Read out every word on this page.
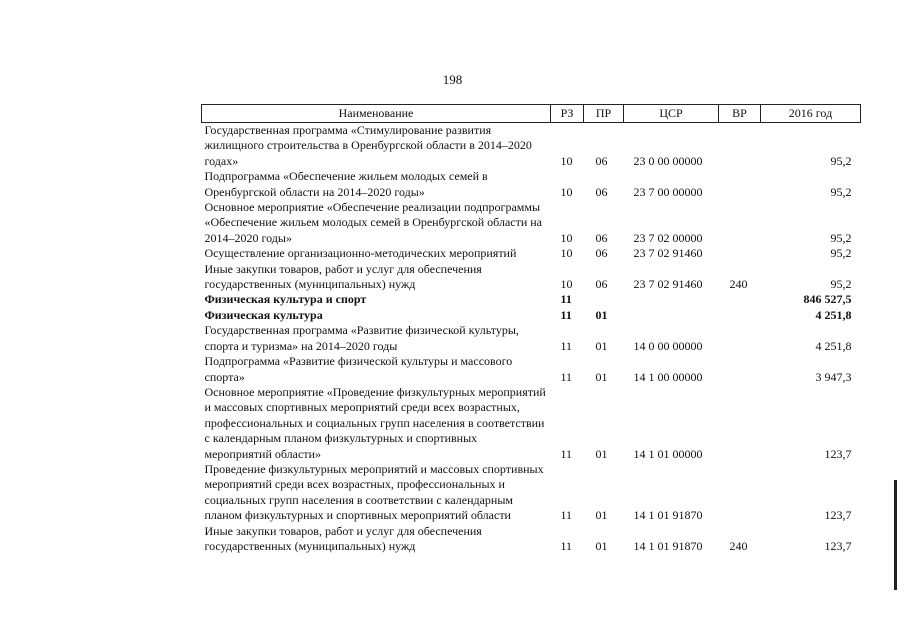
198
Наименование	РЗ	ПР	ЦСР	ВР	2016 год
Государственная программа «Стимулирование развития жилищного строительства в Оренбургской области в 2014–2020 годах»	10	06	23 0 00 00000		95,2
Подпрограмма «Обеспечение жильем молодых семей в Оренбургской области на 2014–2020 годы»	10	06	23 7 00 00000		95,2
Основное мероприятие «Обеспечение реализации подпрограммы «Обеспечение жильем молодых семей в Оренбургской области на 2014–2020 годы»	10	06	23 7 02 00000		95,2
Осуществление организационно-методических мероприятий	10	06	23 7 02 91460		95,2
Иные закупки товаров, работ и услуг для обеспечения государственных (муниципальных) нужд	10	06	23 7 02 91460	240	95,2
Физическая культура и спорт	11				846 527,5
Физическая культура	11	01			4 251,8
Государственная программа «Развитие физической культуры, спорта и туризма» на 2014–2020 годы	11	01	14 0 00 00000		4 251,8
Подпрограмма «Развитие физической культуры и массового спорта»	11	01	14 1 00 00000		3 947,3
Основное мероприятие «Проведение физкультурных мероприятий и массовых спортивных мероприятий среди всех возрастных, профессиональных и социальных групп населения в соответствии с календарным планом физкультурных и спортивных мероприятий области»	11	01	14 1 01 00000		123,7
Проведение физкультурных мероприятий и массовых спортивных мероприятий среди всех возрастных, профессиональных и социальных групп населения в соответствии с календарным планом физкультурных и спортивных мероприятий области	11	01	14 1 01 91870		123,7
Иные закупки товаров, работ и услуг для обеспечения государственных (муниципальных) нужд	11	01	14 1 01 91870	240	123,7
